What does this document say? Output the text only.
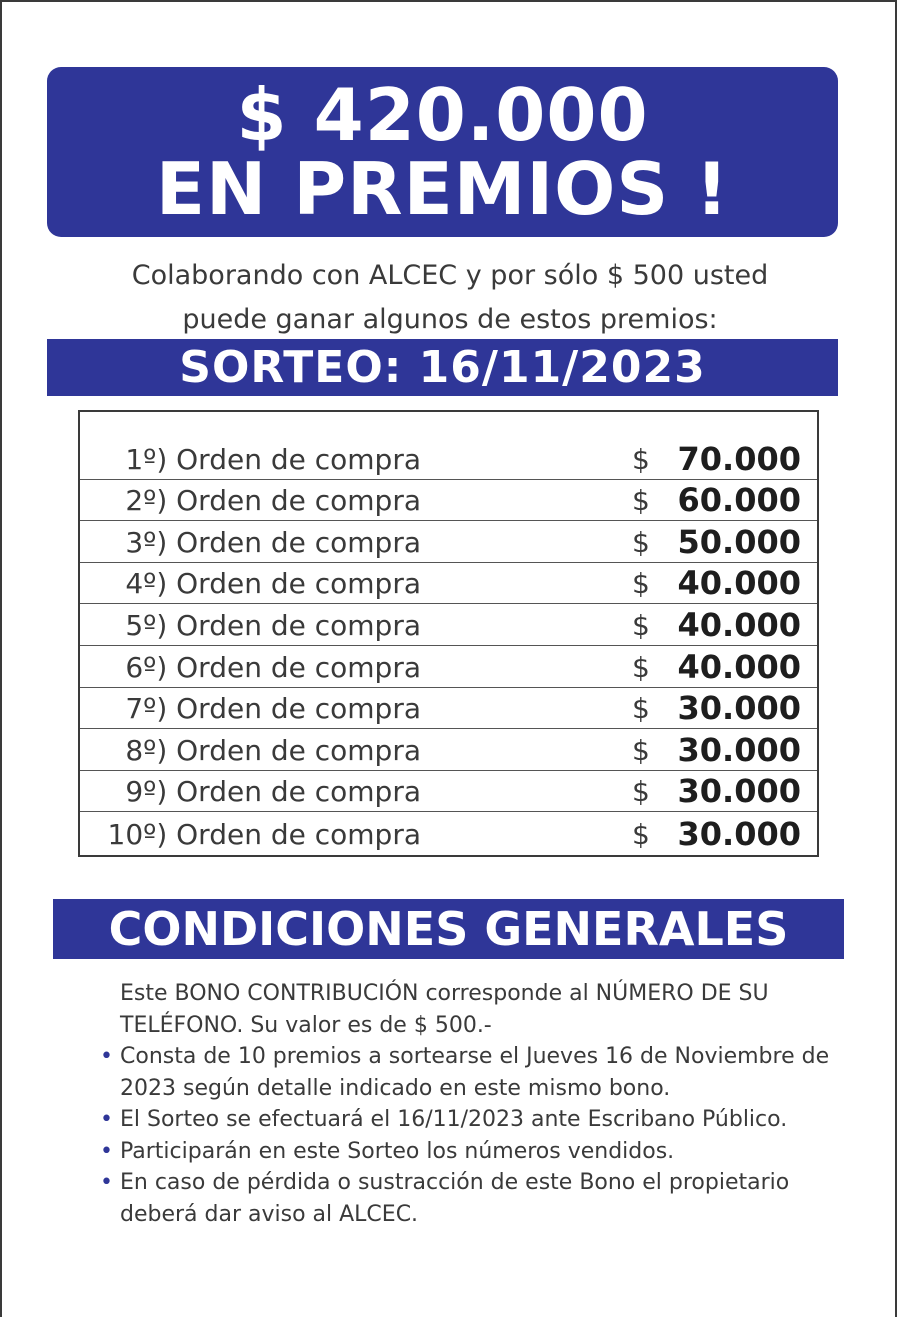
$ 420.000
EN PREMIOS !
Colaborando con ALCEC y por sólo $ 500 usted
puede ganar algunos de estos premios:
SORTEO: 16/11/2023
1º) Orden de compra	$ 70.000
2º) Orden de compra	$ 60.000
3º) Orden de compra	$ 50.000
4º) Orden de compra	$ 40.000
5º) Orden de compra	$ 40.000
6º) Orden de compra	$ 40.000
7º) Orden de compra	$ 30.000
8º) Orden de compra	$ 30.000
9º) Orden de compra	$ 30.000
10º) Orden de compra	$ 30.000
CONDICIONES GENERALES
Este BONO CONTRIBUCIÓN corresponde al NÚMERO DE SU TELÉFONO. Su valor es de $ 500.-
• Consta de 10 premios a sortearse el Jueves 16 de Noviembre de 2023 según detalle indicado en este mismo bono.
• El Sorteo se efectuará el 16/11/2023 ante Escribano Público.
• Participarán en este Sorteo los números vendidos.
• En caso de pérdida o sustracción de este Bono el propietario deberá dar aviso al ALCEC.
